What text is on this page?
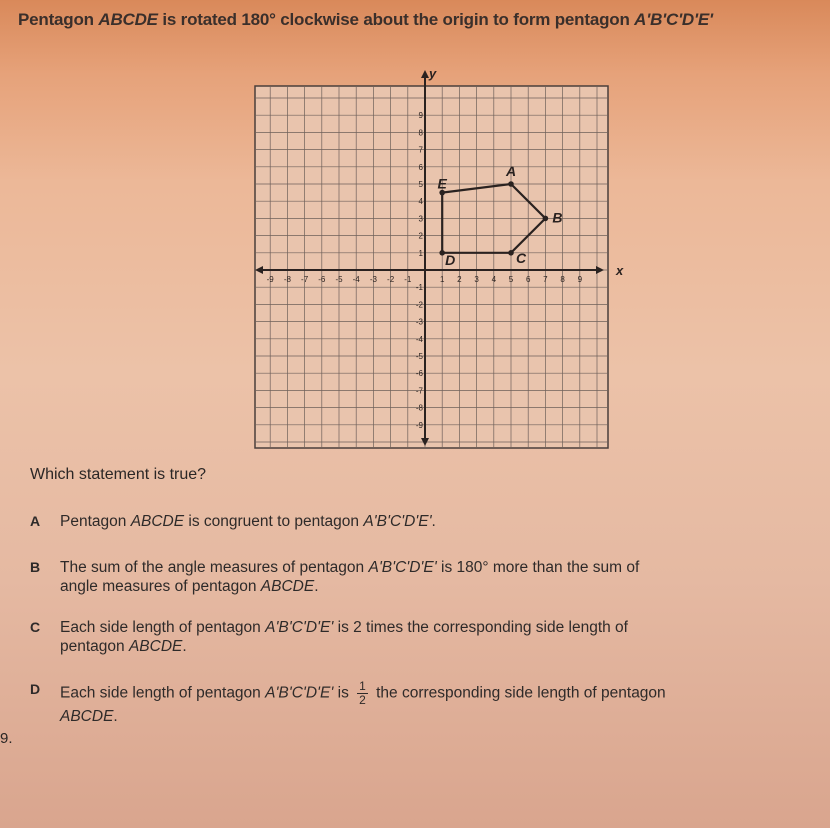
Pentagon ABCDE is rotated 180° clockwise about the origin to form pentagon A'B'C'D'E'
x
y
-9 -8 -7 -6 -5 -4 -3 -2 -1	1 2 3 4 5 6 7 8 9
9
8
7
6
5
4
3
2
1
-1
-2
-3
-4
-5
-6
-7
-8
-9
A
B
C
D
E
Which statement is true?
A Pentagon ABCDE is congruent to pentagon A'B'C'D'E'.
B The sum of the angle measures of pentagon A'B'C'D'E' is 180° more than the sum of
angle measures of pentagon ABCDE.
C Each side length of pentagon A'B'C'D'E' is 2 times the corresponding side length of
pentagon ABCDE.
D Each side length of pentagon A'B'C'D'E' is $\frac{1}{2}$ the corresponding side length of pentagon
ABCDE.
9.
